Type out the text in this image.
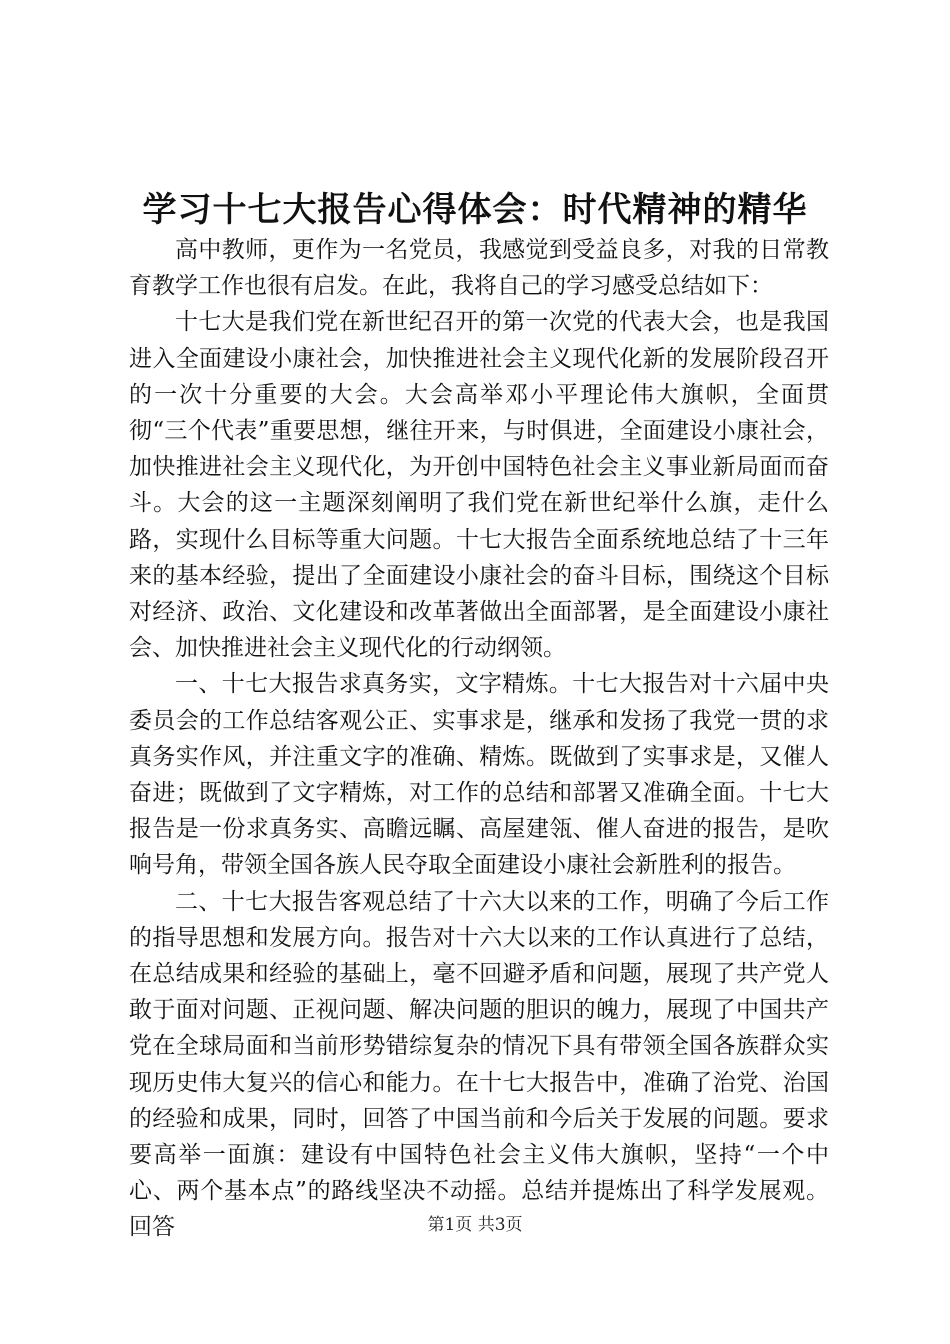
学习十七大报告心得体会：时代精神的精华

高中教师，更作为一名党员，我感觉到受益良多，对我的日常教育教学工作也很有启发。在此，我将自己的学习感受总结如下：

十七大是我们党在新世纪召开的第一次党的代表大会，也是我国进入全面建设小康社会，加快推进社会主义现代化新的发展阶段召开的一次十分重要的大会。大会高举邓小平理论伟大旗帜，全面贯彻“三个代表”重要思想，继往开来，与时俱进，全面建设小康社会，加快推进社会主义现代化，为开创中国特色社会主义事业新局面而奋斗。大会的这一主题深刻阐明了我们党在新世纪举什么旗，走什么路，实现什么目标等重大问题。十七大报告全面系统地总结了十三年来的基本经验，提出了全面建设小康社会的奋斗目标，围绕这个目标对经济、政治、文化建设和改革著做出全面部署，是全面建设小康社会、加快推进社会主义现代化的行动纲领。

一、十七大报告求真务实，文字精炼。十七大报告对十六届中央委员会的工作总结客观公正、实事求是，继承和发扬了我党一贯的求真务实作风，并注重文字的准确、精炼。既做到了实事求是，又催人奋进；既做到了文字精炼，对工作的总结和部署又准确全面。十七大报告是一份求真务实、高瞻远瞩、高屋建瓴、催人奋进的报告，是吹响号角，带领全国各族人民夺取全面建设小康社会新胜利的报告。

二、十七大报告客观总结了十六大以来的工作，明确了今后工作的指导思想和发展方向。报告对十六大以来的工作认真进行了总结，在总结成果和经验的基础上，毫不回避矛盾和问题，展现了共产党人敢于面对问题、正视问题、解决问题的胆识的魄力，展现了中国共产党在全球局面和当前形势错综复杂的情况下具有带领全国各族群众实现历史伟大复兴的信心和能力。在十七大报告中，准确了治党、治国的经验和成果，同时，回答了中国当前和今后关于发展的问题。要求要高举一面旗：建设有中国特色社会主义伟大旗帜，坚持“一个中心、两个基本点”的路线坚决不动摇。总结并提炼出了科学发展观。回答	第1页 共3页
